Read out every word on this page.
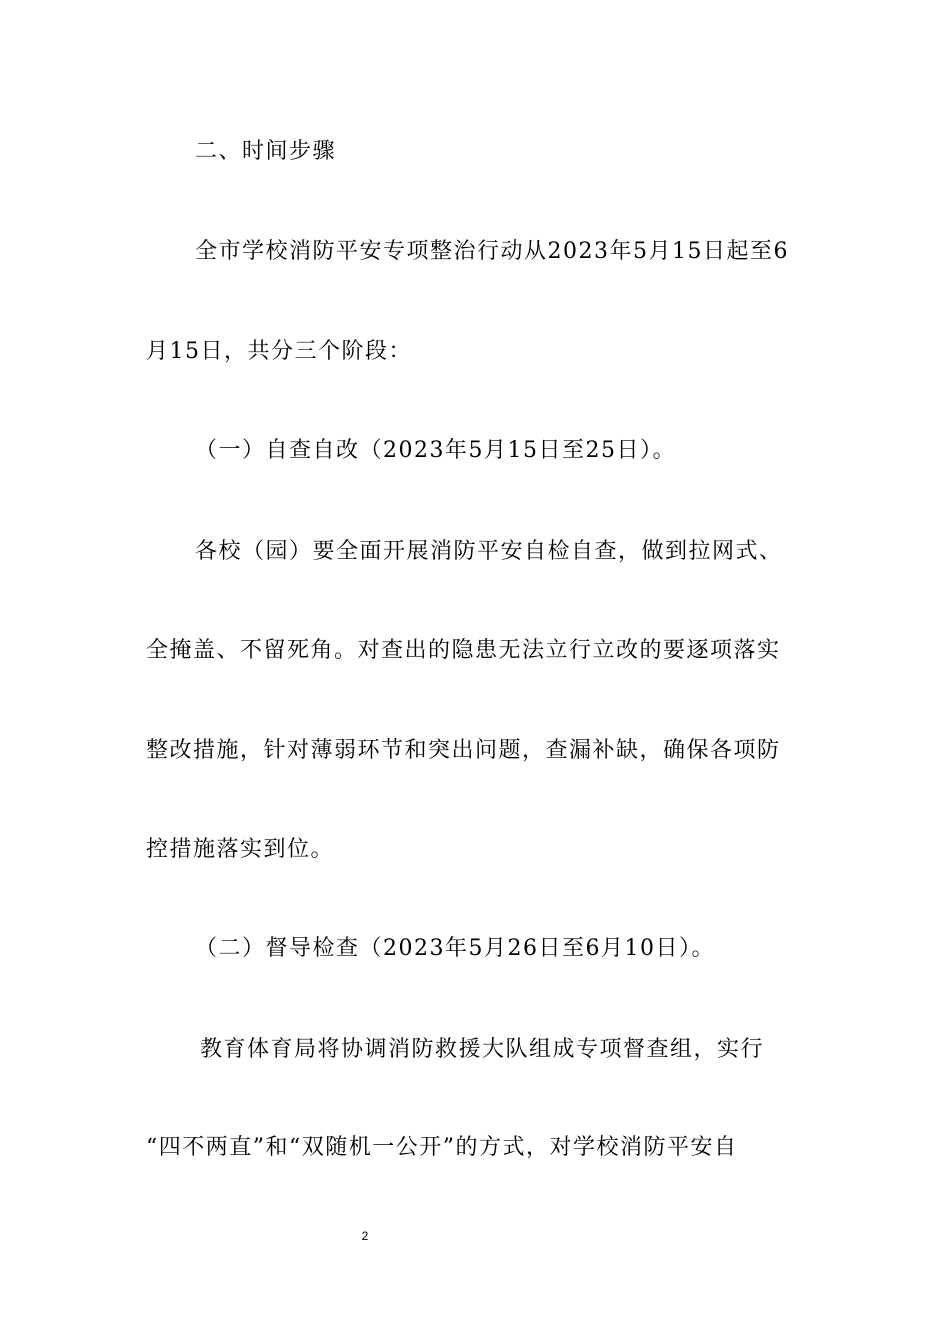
二、时间步骤
全市学校消防平安专项整治行动从2023年5月15日起至6
月15日，共分三个阶段：
（一）自查自改（2023年5月15日至25日）。
各校（园）要全面开展消防平安自检自查，做到拉网式、
全掩盖、不留死角。对查出的隐患无法立行立改的要逐项落实
整改措施，针对薄弱环节和突出问题，查漏补缺，确保各项防
控措施落实到位。
（二）督导检查（2023年5月26日至6月10日）。
教育体育局将协调消防救援大队组成专项督查组，实行
“四不两直”和“双随机一公开”的方式，对学校消防平安自
2
